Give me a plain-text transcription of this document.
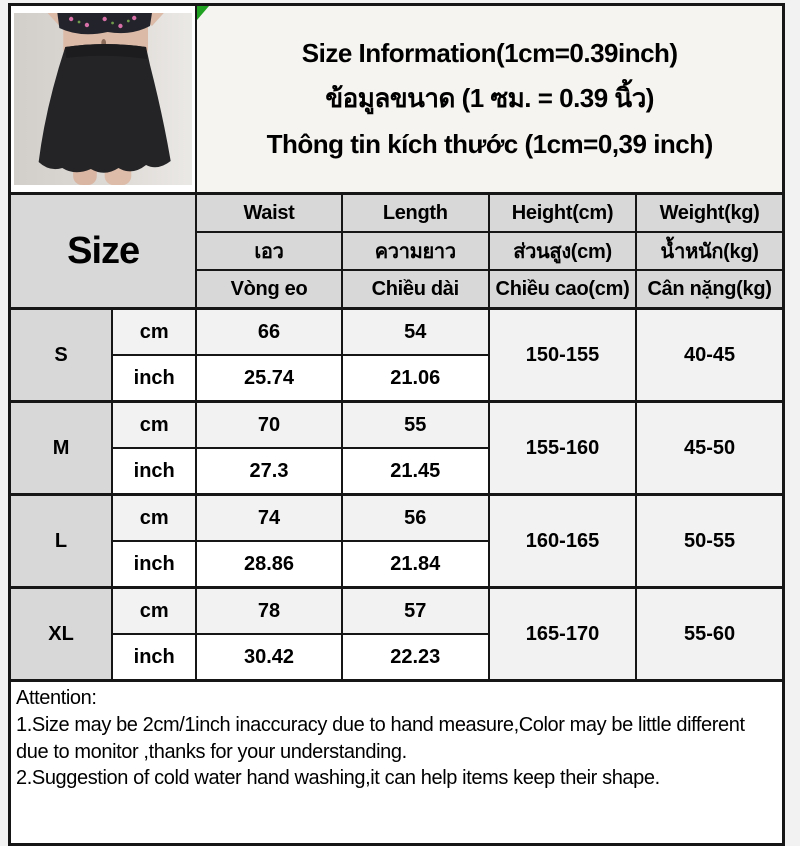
Size Information(1cm=0.39inch)
ข้อมูลขนาด (1 ซม. = 0.39 นิ้ว)
Thông tin kích thước (1cm=0,39 inch)			

Size		Waist	Length	Height(cm)	Weight(kg)
		เอว	ความยาว	ส่วนสูง(cm)	น้ำหนัก(kg)
		Vòng eo	Chiều dài	Chiều cao(cm)	Cân nặng(kg)
S	cm	66	54	150-155	40-45
	inch	25.74	21.06		
M	cm	70	55	155-160	45-50
	inch	27.3	21.45		
L	cm	74	56	160-165	50-55
	inch	28.86	21.84		
XL	cm	78	57	165-170	55-60
	inch	30.42	22.23		

Attention:
1.Size may be 2cm/1inch inaccuracy due to hand measure,Color may be little different due to monitor ,thanks for your understanding.
2.Suggestion of cold water hand washing,it can help items keep their shape.					
